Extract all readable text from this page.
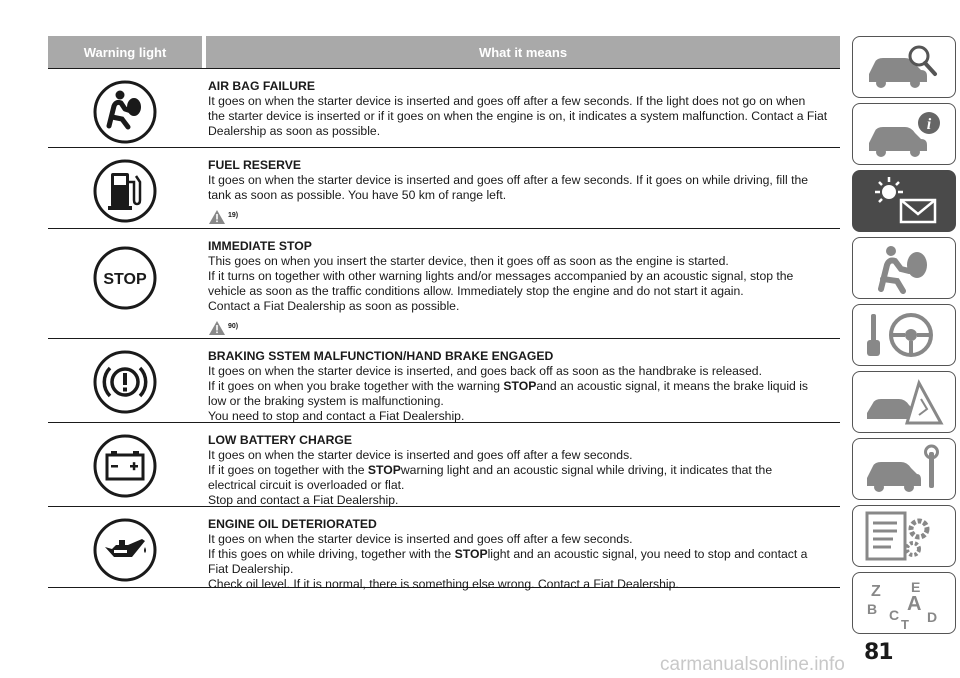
Warning light	What it means
AIR BAG FAILURE
It goes on when the starter device is inserted and goes off after a few seconds. If the light does not go on when
the starter device is inserted or if it goes on when the engine is on, it indicates a system malfunction. Contact a Fiat
Dealership as soon as possible.
FUEL RESERVE
It goes on when the starter device is inserted and goes off after a few seconds. If it goes on while driving, fill the
tank as soon as possible. You have 50 km of range left.
19)
STOP
IMMEDIATE STOP
This goes on when you insert the starter device, then it goes off as soon as the engine is started.
If it turns on together with other warning lights and/or messages accompanied by an acoustic signal, stop the
vehicle as soon as the traffic conditions allow. Immediately stop the engine and do not start it again.
Contact a Fiat Dealership as soon as possible.
90)
BRAKING SSTEM MALFUNCTION/HAND BRAKE ENGAGED
It goes on when the starter device is inserted, and goes back off as soon as the handbrake is released.
If it goes on when you brake together with the warning STOPand an acoustic signal, it means the brake liquid is
low or the braking system is malfunctioning.
You need to stop and contact a Fiat Dealership.
LOW BATTERY CHARGE
It goes on when the starter device is inserted and goes off after a few seconds.
If it goes on together with the STOPwarning light and an acoustic signal while driving, it indicates that the
electrical circuit is overloaded or flat.
Stop and contact a Fiat Dealership.
ENGINE OIL DETERIORATED
It goes on when the starter device is inserted and goes off after a few seconds.
If this goes on while driving, together with the STOPlight and an acoustic signal, you need to stop and contact a
Fiat Dealership.
Check oil level. If it is normal, there is something else wrong. Contact a Fiat Dealership.
i
Z E
A
B C D
T
81
carmanualsonline.info
